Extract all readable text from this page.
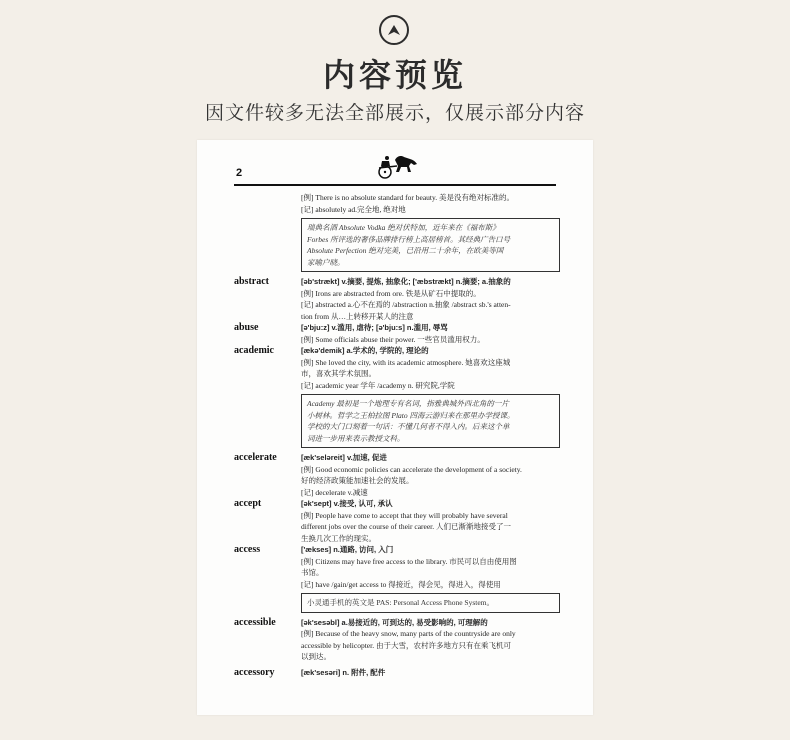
内容预览
因文件较多无法全部展示，仅展示部分内容
2
[例] There is no absolute standard for beauty. 美是没有绝对标准的。
[记] absolutely ad.完全地, 绝对地
瑞典名酒 Absolute Vodka 绝对伏特加，近年来在《福布斯》
Forbes 所评选的奢侈品牌排行榜上高居榜首。其经典广告口号
Absolute Perfection 绝对完美，已沿用二十余年，在欧美等国
家喻户晓。
abstract	[əb'strækt] v.摘要, 提炼, 抽象化; ['æbstrækt] n.摘要; a.抽象的
[例] Irons are abstracted from ore. 铁是从矿石中提取的。
[记] abstracted a.心不在焉的 /abstraction n.抽象 /abstract sb.'s atten-
tion from 从…上转移开某人的注意
abuse	[ə'bju:z] v.滥用, 虐待; [ə'bju:s] n.滥用, 辱骂
[例] Some officials abuse their power. 一些官员滥用权力。
academic	[ækə'demik] a.学术的, 学院的, 理论的
[例] She loved the city, with its academic atmosphere. 她喜欢这座城
市，喜欢其学术氛围。
[记] academic year 学年 /academy n. 研究院,学院
Academy 最初是一个地理专有名词，指雅典城外西北角的一片
小树林。哲学之王柏拉图 Plato 四海云游归来在那里办学授课。
学校的大门口刻着一句话：不懂几何者不得入内。后来这个单
词进一步用来表示教授文科。
accelerate	[æk'seləreit] v.加速, 促进
[例] Good economic policies can accelerate the development of a society.
好的经济政策能加速社会的发展。
[记] decelerate v.减速
accept	[ək'sept] v.接受, 认可, 承认
[例] People have come to accept that they will probably have several
different jobs over the course of their career. 人们已渐渐地接受了一
生换几次工作的现实。
access	['ækses] n.通路, 访问, 入门
[例] Citizens may have free access to the library. 市民可以自由使用图
书馆。
[记] have /gain/get access to 得接近，得会见，得进入，得使用
小灵通手机的英文是 PAS: Personal Access Phone System。
accessible	[ək'sesəbl] a.易接近的, 可到达的, 易受影响的, 可理解的
[例] Because of the heavy snow, many parts of the countryside are only
accessible by helicopter. 由于大雪，农村许多地方只有在乘飞机可
以到达。
accessory	[æk'sesəri] n. 附件, 配件
